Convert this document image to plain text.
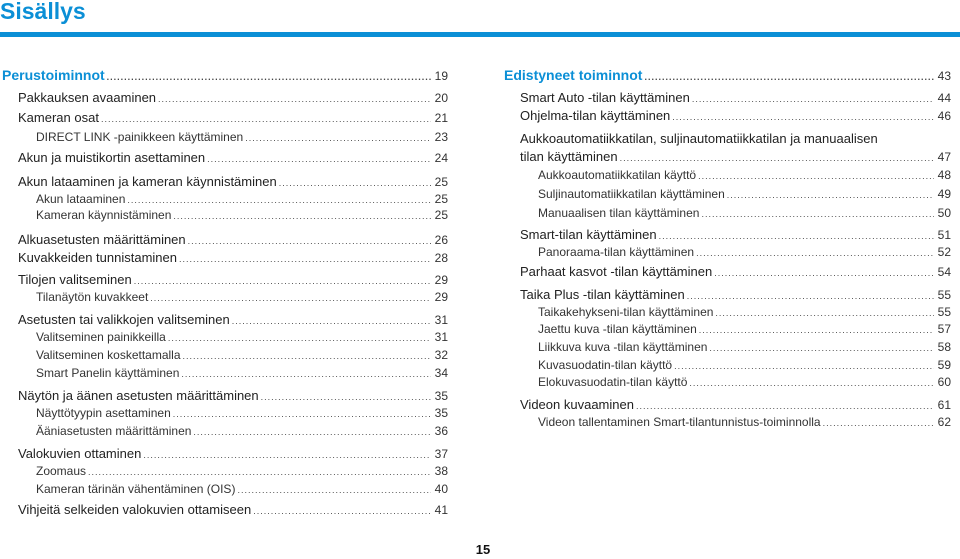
Sisällys
Perustoiminnot .....	19
Pakkauksen avaaminen .....	20
Kameran osat .....	21
DIRECT LINK -painikkeen käyttäminen .....	23
Akun ja muistikortin asettaminen .....	24
Akun lataaminen ja kameran käynnistäminen .....	25
Akun lataaminen .....	25
Kameran käynnistäminen .....	25
Alkuasetusten määrittäminen .....	26
Kuvakkeiden tunnistaminen .....	28
Tilojen valitseminen .....	29
Tilanäytön kuvakkeet .....	29
Asetusten tai valikkojen valitseminen .....	31
Valitseminen painikkeilla .....	31
Valitseminen koskettamalla .....	32
Smart Panelin käyttäminen .....	34
Näytön ja äänen asetusten määrittäminen .....	35
Näyttötyypin asettaminen .....	35
Ääniasetusten määrittäminen .....	36
Valokuvien ottaminen .....	37
Zoomaus .....	38
Kameran tärinän vähentäminen (OIS) .....	40
Vihjeitä selkeiden valokuvien ottamiseen .....	41
Edistyneet toiminnot .....	43
Smart Auto -tilan käyttäminen .....	44
Ohjelma-tilan käyttäminen .....	46
Aukkoautomatiikkatilan, suljinautomatiikkatilan ja manuaalisen
tilan käyttäminen .....	47
Aukkoautomatiikkatilan käyttö .....	48
Suljinautomatiikkatilan käyttäminen .....	49
Manuaalisen tilan käyttäminen .....	50
Smart-tilan käyttäminen .....	51
Panoraama-tilan käyttäminen .....	52
Parhaat kasvot -tilan käyttäminen .....	54
Taika Plus -tilan käyttäminen .....	55
Taikakehykseni-tilan käyttäminen .....	55
Jaettu kuva -tilan käyttäminen .....	57
Liikkuva kuva -tilan käyttäminen .....	58
Kuvasuodatin-tilan käyttö .....	59
Elokuvasuodatin-tilan käyttö .....	60
Videon kuvaaminen .....	61
Videon tallentaminen Smart-tilantunnistus-toiminnolla .....	62
15
